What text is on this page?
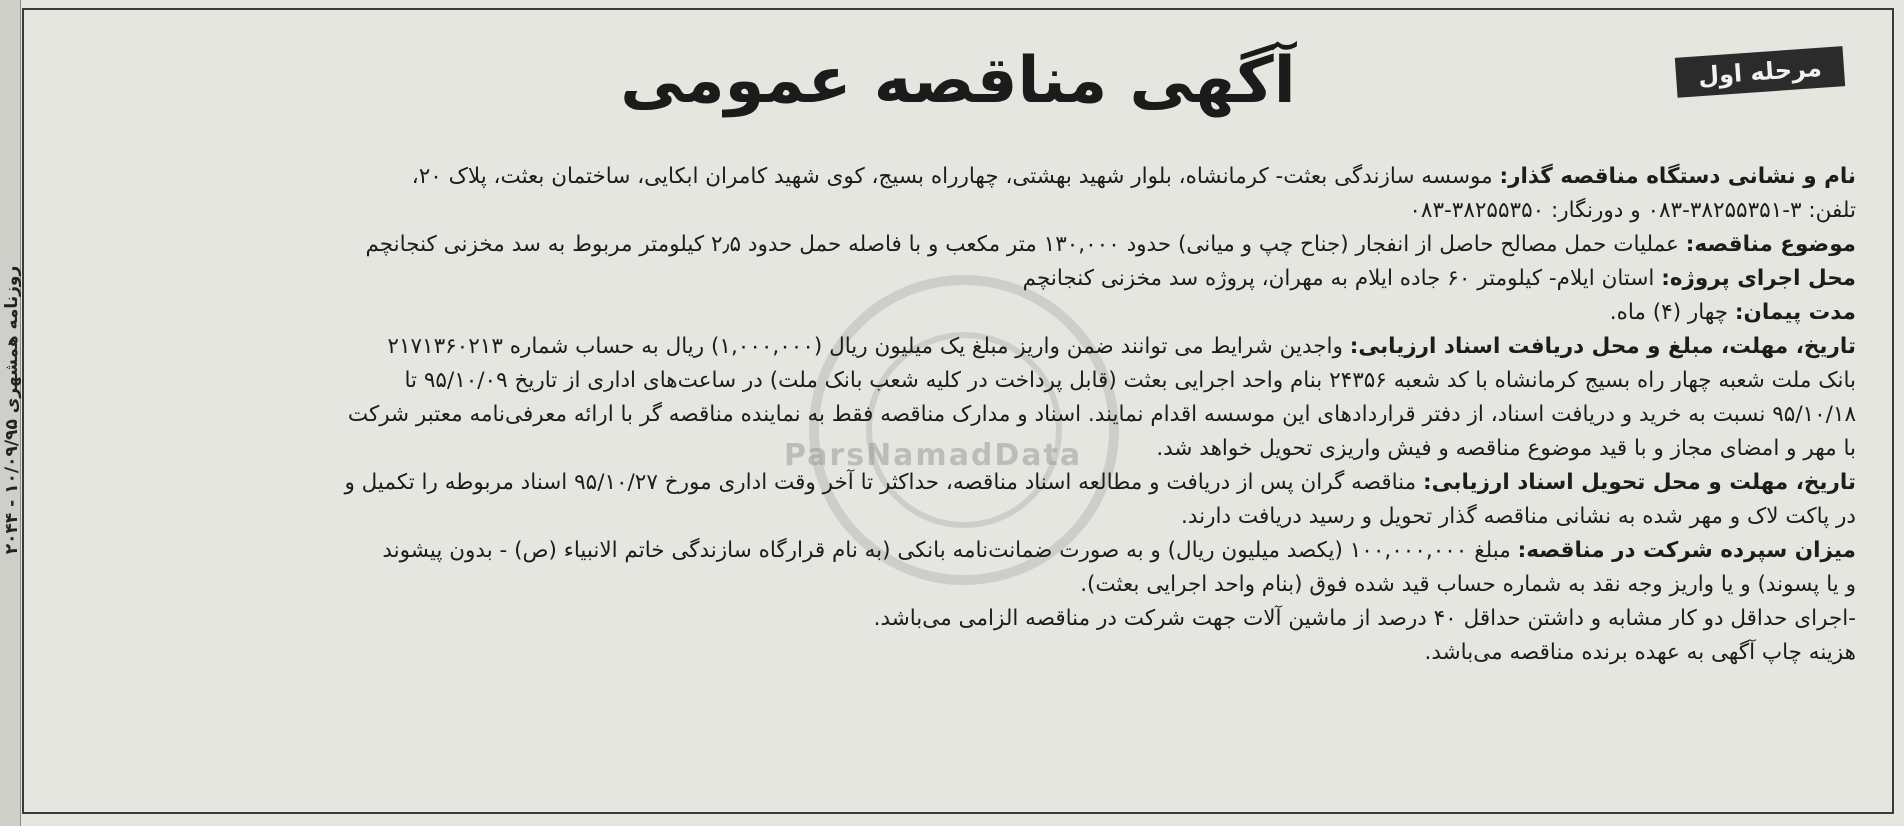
روزنامه همشهری ۱۰/۰۹/۹۵ - ۲۰۴۴
مرحله اول
آگهی مناقصه عمومی
ParsNamadData
نام و نشانی دستگاه مناقصه گذار: موسسه سازندگی بعثت- کرمانشاه، بلوار شهید بهشتی، چهارراه بسیج، کوی شهید کامران ابکایی، ساختمان بعثت، پلاک ۲۰،
تلفن: ۳-۳۸۲۵۵۳۵۱-۰۸۳ و دورنگار: ۳۸۲۵۵۳۵۰-۰۸۳
موضوع مناقصه: عملیات حمل مصالح حاصل از انفجار (جناح چپ و میانی) حدود ۱۳۰,۰۰۰ متر مکعب و با فاصله حمل حدود ۲٫۵ کیلومتر مربوط به سد مخزنی کنجانچم
محل اجرای پروژه: استان ایلام- کیلومتر ۶۰ جاده ایلام به مهران، پروژه سد مخزنی کنجانچم
مدت پیمان: چهار (۴) ماه.
تاریخ، مهلت، مبلغ و محل دریافت اسناد ارزیابی: واجدین شرایط می توانند ضمن واریز مبلغ یک میلیون ریال (۱,۰۰۰,۰۰۰) ریال به حساب شماره ۲۱۷۱۳۶۰۲۱۳
بانک ملت شعبه چهار راه بسیج کرمانشاه با کد شعبه ۲۴۳۵۶ بنام واحد اجرایی بعثت (قابل پرداخت در کلیه شعب بانک ملت) در ساعت‌های اداری از تاریخ ۹۵/۱۰/۰۹ تا
۹۵/۱۰/۱۸ نسبت به خرید و دریافت اسناد، از دفتر قراردادهای این موسسه اقدام نمایند. اسناد و مدارک مناقصه فقط به نماینده مناقصه گر با ارائه معرفی‌نامه معتبر شرکت
با مهر و امضای مجاز و با قید موضوع مناقصه و فیش واریزی تحویل خواهد شد.
تاریخ، مهلت و محل تحویل اسناد ارزیابی: مناقصه گران پس از دریافت و مطالعه اسناد مناقصه، حداکثر تا آخر وقت اداری مورخ ۹۵/۱۰/۲۷ اسناد مربوطه را تکمیل و
در پاکت لاک و مهر شده به نشانی مناقصه گذار تحویل و رسید دریافت دارند.
میزان سپرده شرکت در مناقصه: مبلغ ۱۰۰,۰۰۰,۰۰۰ (یکصد میلیون ریال) و به صورت ضمانت‌نامه بانکی (به نام قرارگاه سازندگی خاتم الانبیاء (ص) - بدون پیشوند
و یا پسوند) و یا واریز وجه نقد به شماره حساب قید شده فوق (بنام واحد اجرایی بعثت).
-اجرای حداقل دو کار مشابه و داشتن حداقل ۴۰ درصد از ماشین آلات جهت شرکت در مناقصه الزامی می‌باشد.
هزینه چاپ آگهی به عهده برنده مناقصه می‌باشد.
